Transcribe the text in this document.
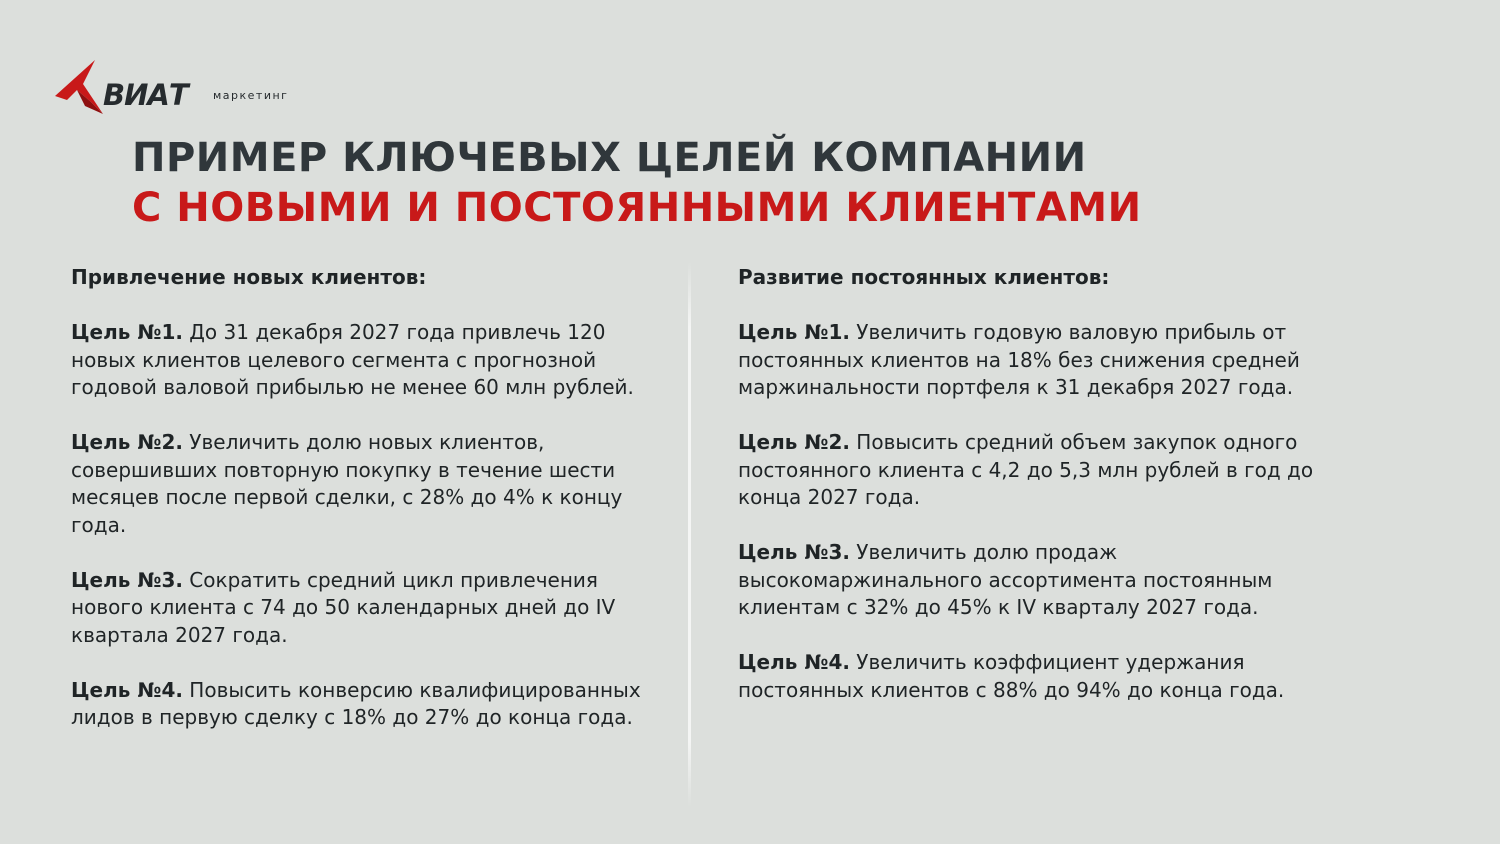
ВИАТ маркетинг
ПРИМЕР КЛЮЧЕВЫХ ЦЕЛЕЙ КОМПАНИИ
С НОВЫМИ И ПОСТОЯННЫМИ КЛИЕНТАМИ
Привлечение новых клиентов:
Цель №1. До 31 декабря 2027 года привлечь 120 новых клиентов целевого сегмента с прогнозной годовой валовой прибылью не менее 60 млн рублей.
Цель №2. Увеличить долю новых клиентов, совершивших повторную покупку в течение шести месяцев после первой сделки, с 28% до 4% к концу года.
Цель №3. Сократить средний цикл привлечения нового клиента с 74 до 50 календарных дней до IV квартала 2027 года.
Цель №4. Повысить конверсию квалифицированных лидов в первую сделку с 18% до 27% до конца года.
Развитие постоянных клиентов:
Цель №1. Увеличить годовую валовую прибыль от постоянных клиентов на 18% без снижения средней маржинальности портфеля к 31 декабря 2027 года.
Цель №2. Повысить средний объем закупок одного постоянного клиента с 4,2 до 5,3 млн рублей в год до конца 2027 года.
Цель №3. Увеличить долю продаж высокомаржинального ассортимента постоянным клиентам с 32% до 45% к IV кварталу 2027 года.
Цель №4. Увеличить коэффициент удержания постоянных клиентов с 88% до 94% до конца года.
